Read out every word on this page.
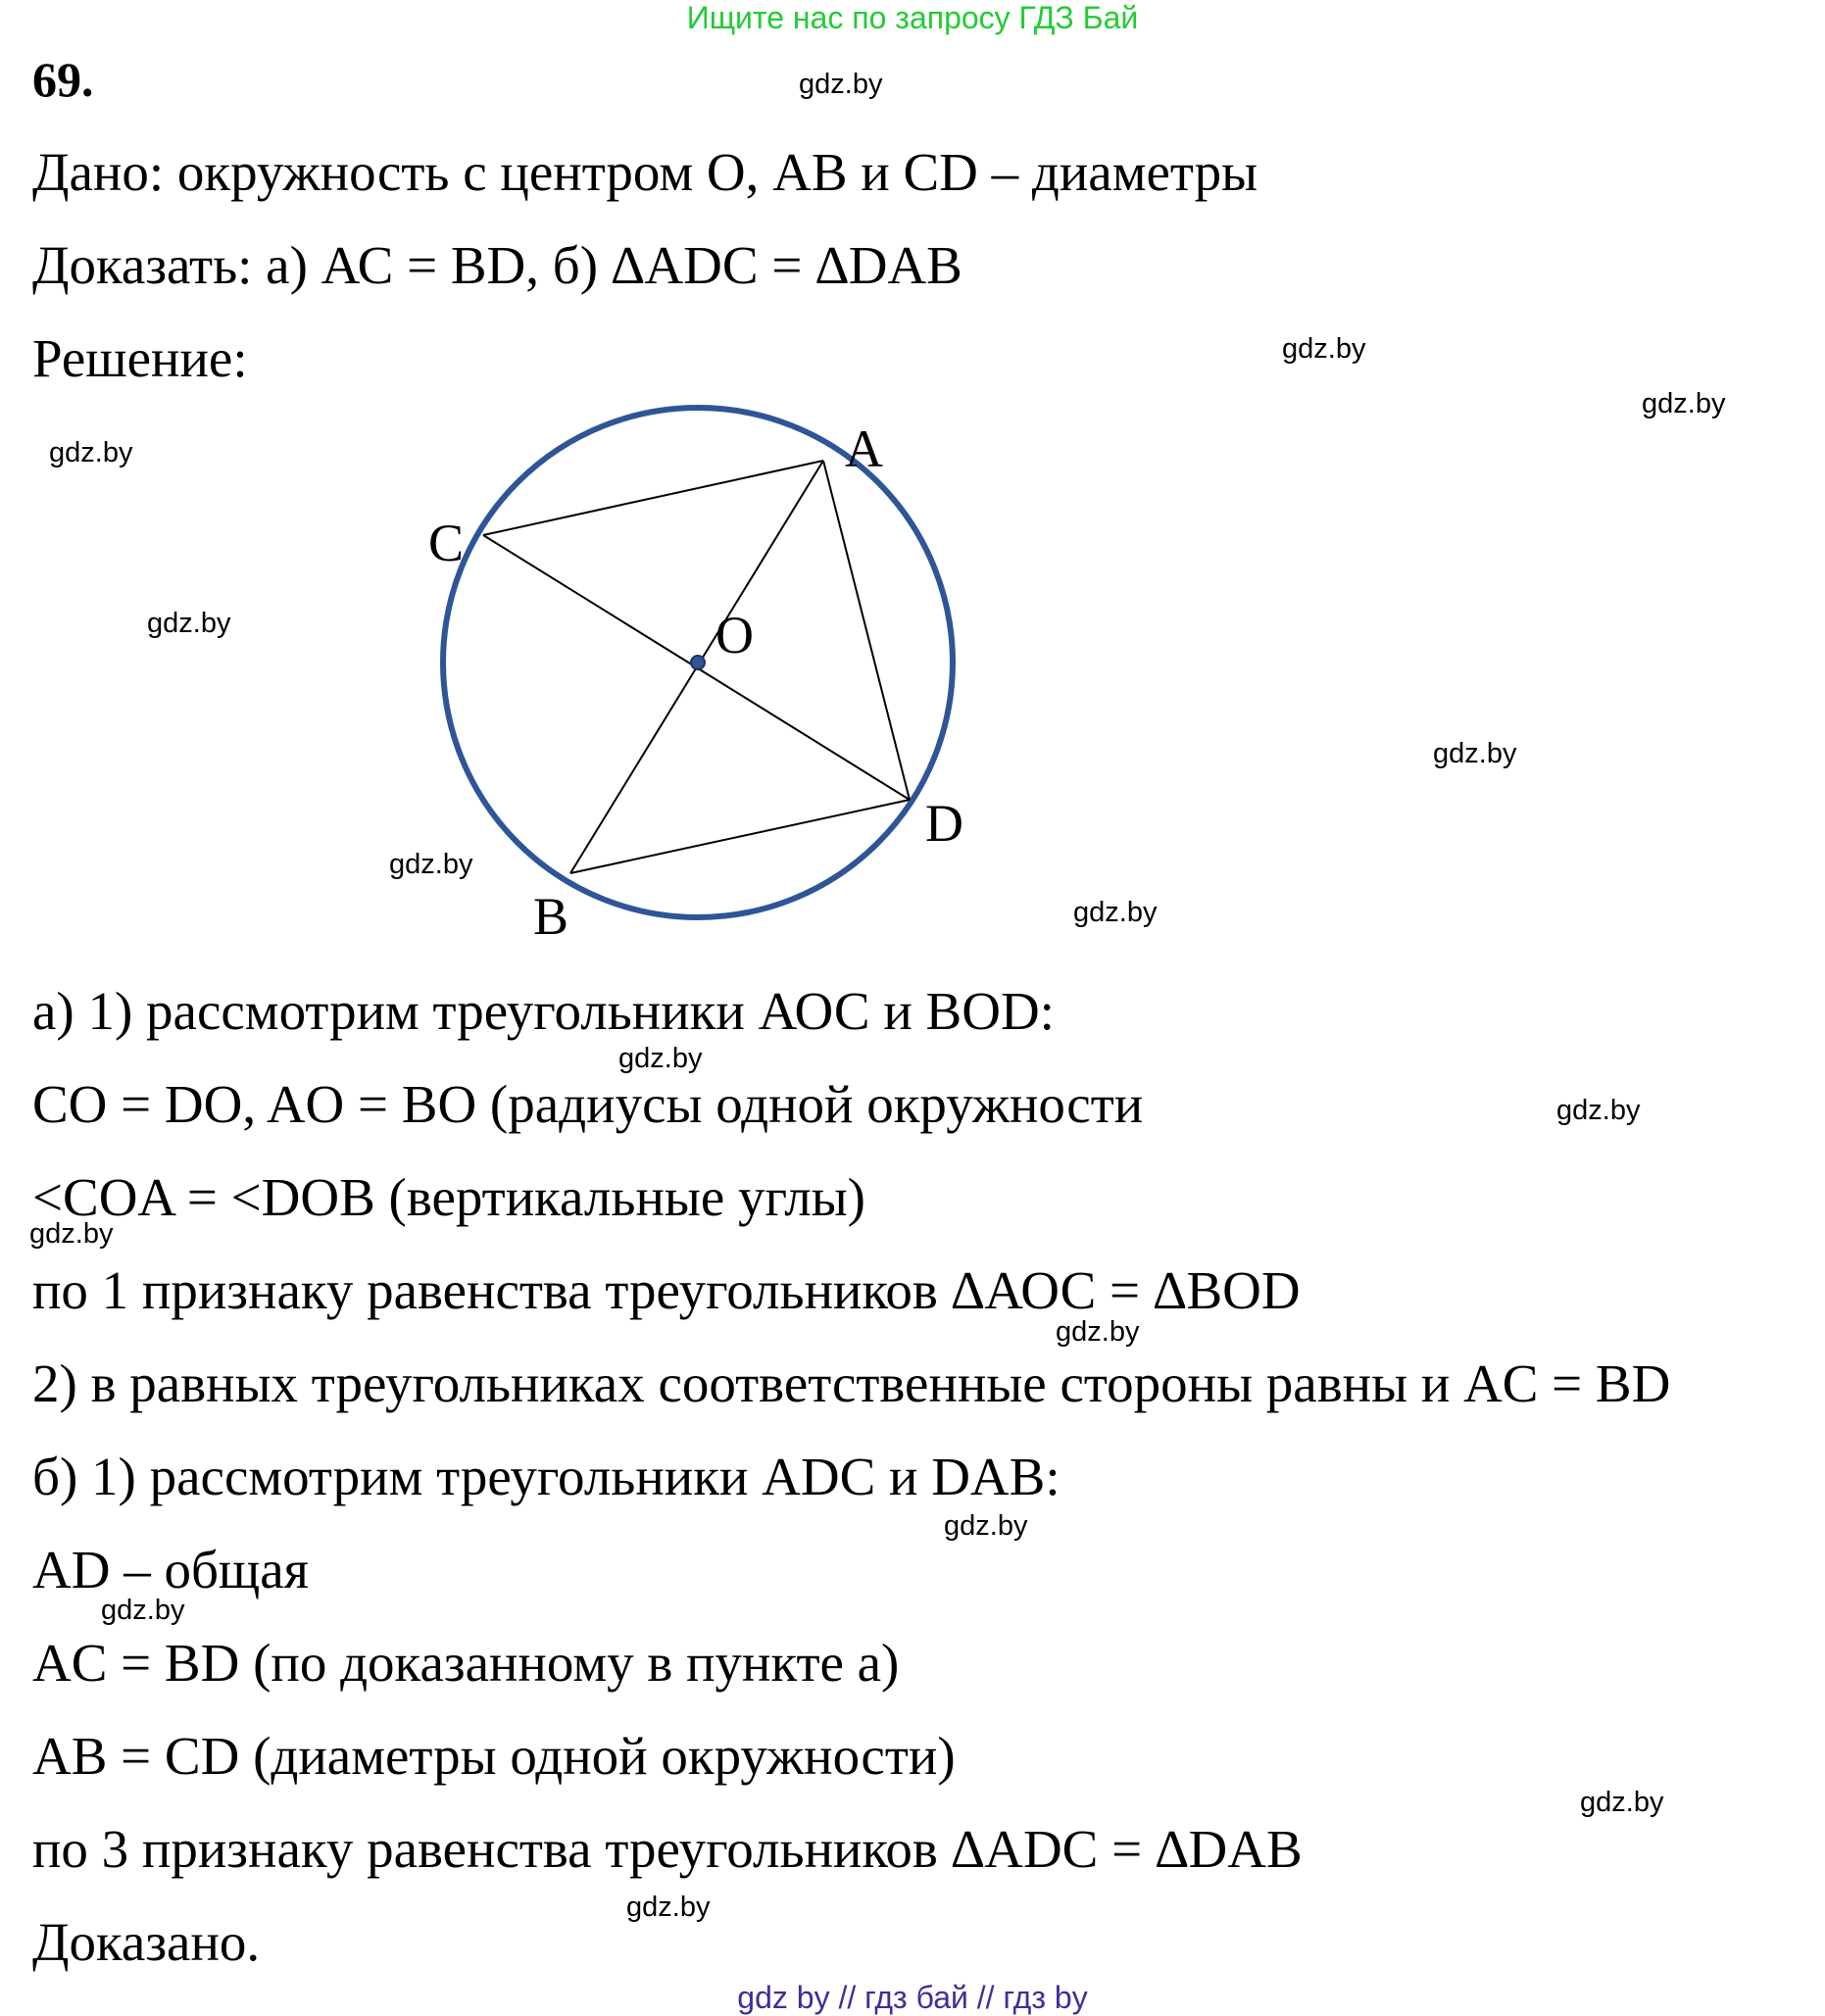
Ищите нас по запросу ГДЗ Бай
69.
Дано: окружность с центром О, АВ и CD – диаметры
Доказать: а) АС = BD, б) ∆ADC = ∆DAB
Решение:
A
C
O
D
B
а) 1) рассмотрим треугольники АОС и BOD:
CO = DO, AO = BO (радиусы одной окружности
<COA = <DOB (вертикальные углы)
по 1 признаку равенства треугольников ∆АОС = ∆BOD
2) в равных треугольниках соответственные стороны равны и AC = BD
б) 1) рассмотрим треугольники ADC и DAB:
AD – общая
AC = BD (по доказанному в пункте а)
AB = CD (диаметры одной окружности)
по 3 признаку равенства треугольников ∆ADC = ∆DAB
Доказано.
gdz.by
gdz.by
gdz.by
gdz.by
gdz.by
gdz.by
gdz.by
gdz.by
gdz.by
gdz.by
gdz.by
gdz.by
gdz.by
gdz.by
gdz.by
gdz.by
gdz by // гдз бай // гдз by
